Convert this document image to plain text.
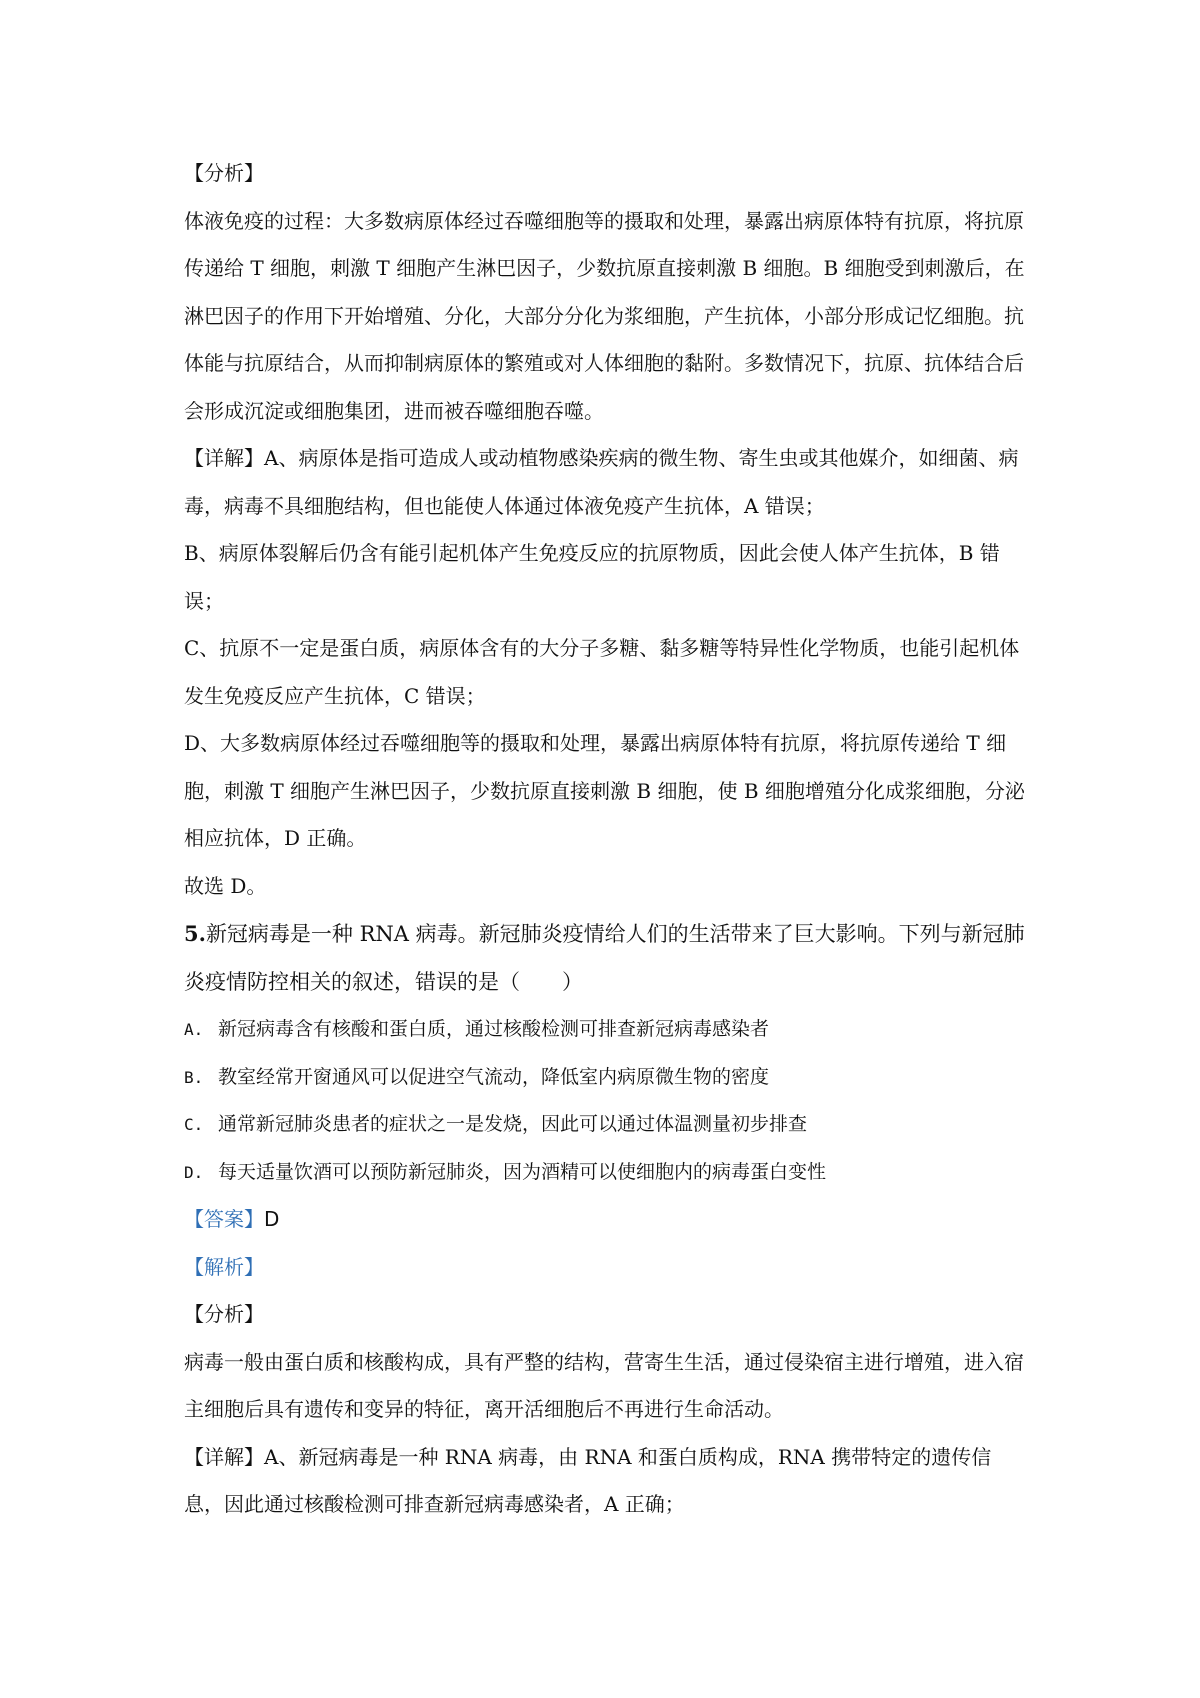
【分析】

体液免疫的过程：大多数病原体经过吞噬细胞等的摄取和处理，暴露出病原体特有抗原，将抗原传递给 T 细胞，刺激 T 细胞产生淋巴因子，少数抗原直接刺激 B 细胞。B 细胞受到刺激后，在淋巴因子的作用下开始增殖、分化，大部分分化为浆细胞，产生抗体，小部分形成记忆细胞。抗体能与抗原结合，从而抑制病原体的繁殖或对人体细胞的黏附。多数情况下，抗原、抗体结合后会形成沉淀或细胞集团，进而被吞噬细胞吞噬。

【详解】A、病原体是指可造成人或动植物感染疾病的微生物、寄生虫或其他媒介，如细菌、病毒，病毒不具细胞结构，但也能使人体通过体液免疫产生抗体，A 错误；

B、病原体裂解后仍含有能引起机体产生免疫反应的抗原物质，因此会使人体产生抗体，B 错误；

C、抗原不一定是蛋白质，病原体含有的大分子多糖、黏多糖等特异性化学物质，也能引起机体发生免疫反应产生抗体，C 错误；

D、大多数病原体经过吞噬细胞等的摄取和处理，暴露出病原体特有抗原，将抗原传递给 T 细胞，刺激 T 细胞产生淋巴因子，少数抗原直接刺激 B 细胞，使 B 细胞增殖分化成浆细胞，分泌相应抗体，D 正确。

故选 D。

5.新冠病毒是一种 RNA 病毒。新冠肺炎疫情给人们的生活带来了巨大影响。下列与新冠肺炎疫情防控相关的叙述，错误的是（　　）

A. 新冠病毒含有核酸和蛋白质，通过核酸检测可排查新冠病毒感染者

B. 教室经常开窗通风可以促进空气流动，降低室内病原微生物的密度

C. 通常新冠肺炎患者的症状之一是发烧，因此可以通过体温测量初步排查

D. 每天适量饮酒可以预防新冠肺炎，因为酒精可以使细胞内的病毒蛋白变性

【答案】D

【解析】

【分析】

病毒一般由蛋白质和核酸构成，具有严整的结构，营寄生生活，通过侵染宿主进行增殖，进入宿主细胞后具有遗传和变异的特征，离开活细胞后不再进行生命活动。

【详解】A、新冠病毒是一种 RNA 病毒，由 RNA 和蛋白质构成，RNA 携带特定的遗传信息，因此通过核酸检测可排查新冠病毒感染者，A 正确；
